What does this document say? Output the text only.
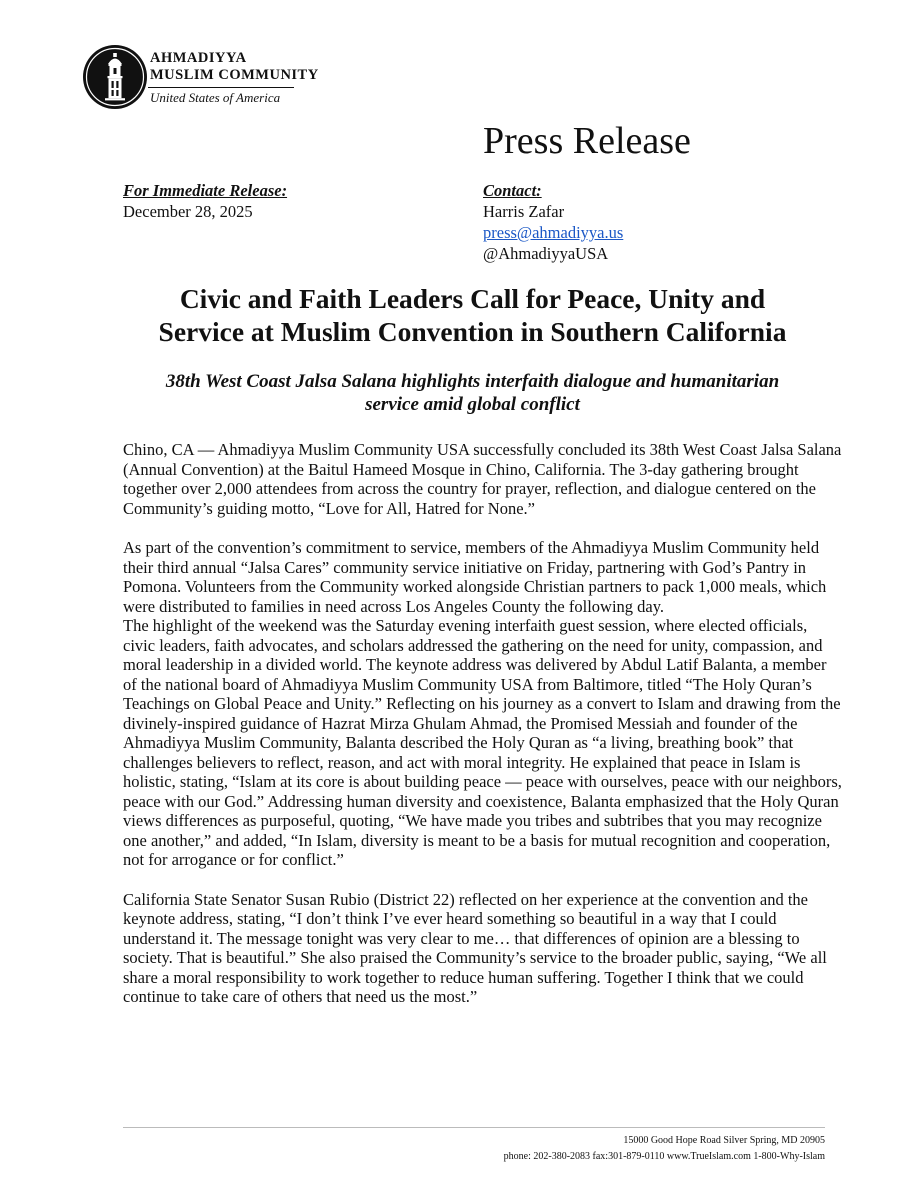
AHMADIYYA
MUSLIM COMMUNITY
United States of America
Press Release
For Immediate Release:
December 28, 2025
Contact:
Harris Zafar
press@ahmadiyya.us
@AhmadiyyaUSA
Civic and Faith Leaders Call for Peace, Unity and
Service at Muslim Convention in Southern California
38th West Coast Jalsa Salana highlights interfaith dialogue and humanitarian
service amid global conflict

Chino, CA — Ahmadiyya Muslim Community USA successfully concluded its 38th West Coast Jalsa Salana (Annual Convention) at the Baitul Hameed Mosque in Chino, California. The 3-day gathering brought together over 2,000 attendees from across the country for prayer, reflection, and dialogue centered on the Community’s guiding motto, “Love for All, Hatred for None.”

As part of the convention’s commitment to service, members of the Ahmadiyya Muslim Community held their third annual “Jalsa Cares” community service initiative on Friday, partnering with God’s Pantry in Pomona. Volunteers from the Community worked alongside Christian partners to pack 1,000 meals, which were distributed to families in need across Los Angeles County the following day.

The highlight of the weekend was the Saturday evening interfaith guest session, where elected officials, civic leaders, faith advocates, and scholars addressed the gathering on the need for unity, compassion, and moral leadership in a divided world. The keynote address was delivered by Abdul Latif Balanta, a member of the national board of Ahmadiyya Muslim Community USA from Baltimore, titled “The Holy Quran’s Teachings on Global Peace and Unity.” Reflecting on his journey as a convert to Islam and drawing from the divinely-inspired guidance of Hazrat Mirza Ghulam Ahmad, the Promised Messiah and founder of the Ahmadiyya Muslim Community, Balanta described the Holy Quran as “a living, breathing book” that challenges believers to reflect, reason, and act with moral integrity. He explained that peace in Islam is holistic, stating, “Islam at its core is about building peace — peace with ourselves, peace with our neighbors, peace with our God.” Addressing human diversity and coexistence, Balanta emphasized that the Holy Quran views differences as purposeful, quoting, “We have made you tribes and subtribes that you may recognize one another,” and added, “In Islam, diversity is meant to be a basis for mutual recognition and cooperation, not for arrogance or for conflict.”

California State Senator Susan Rubio (District 22) reflected on her experience at the convention and the keynote address, stating, “I don’t think I’ve ever heard something so beautiful in a way that I could understand it. The message tonight was very clear to me… that differences of opinion are a blessing to society. That is beautiful.” She also praised the Community’s service to the broader public, saying, “We all share a moral responsibility to work together to reduce human suffering. Together I think that we could continue to take care of others that need us the most.”

15000 Good Hope Road Silver Spring, MD 20905
phone: 202-380-2083 fax:301-879-0110 www.TrueIslam.com 1-800-Why-Islam
